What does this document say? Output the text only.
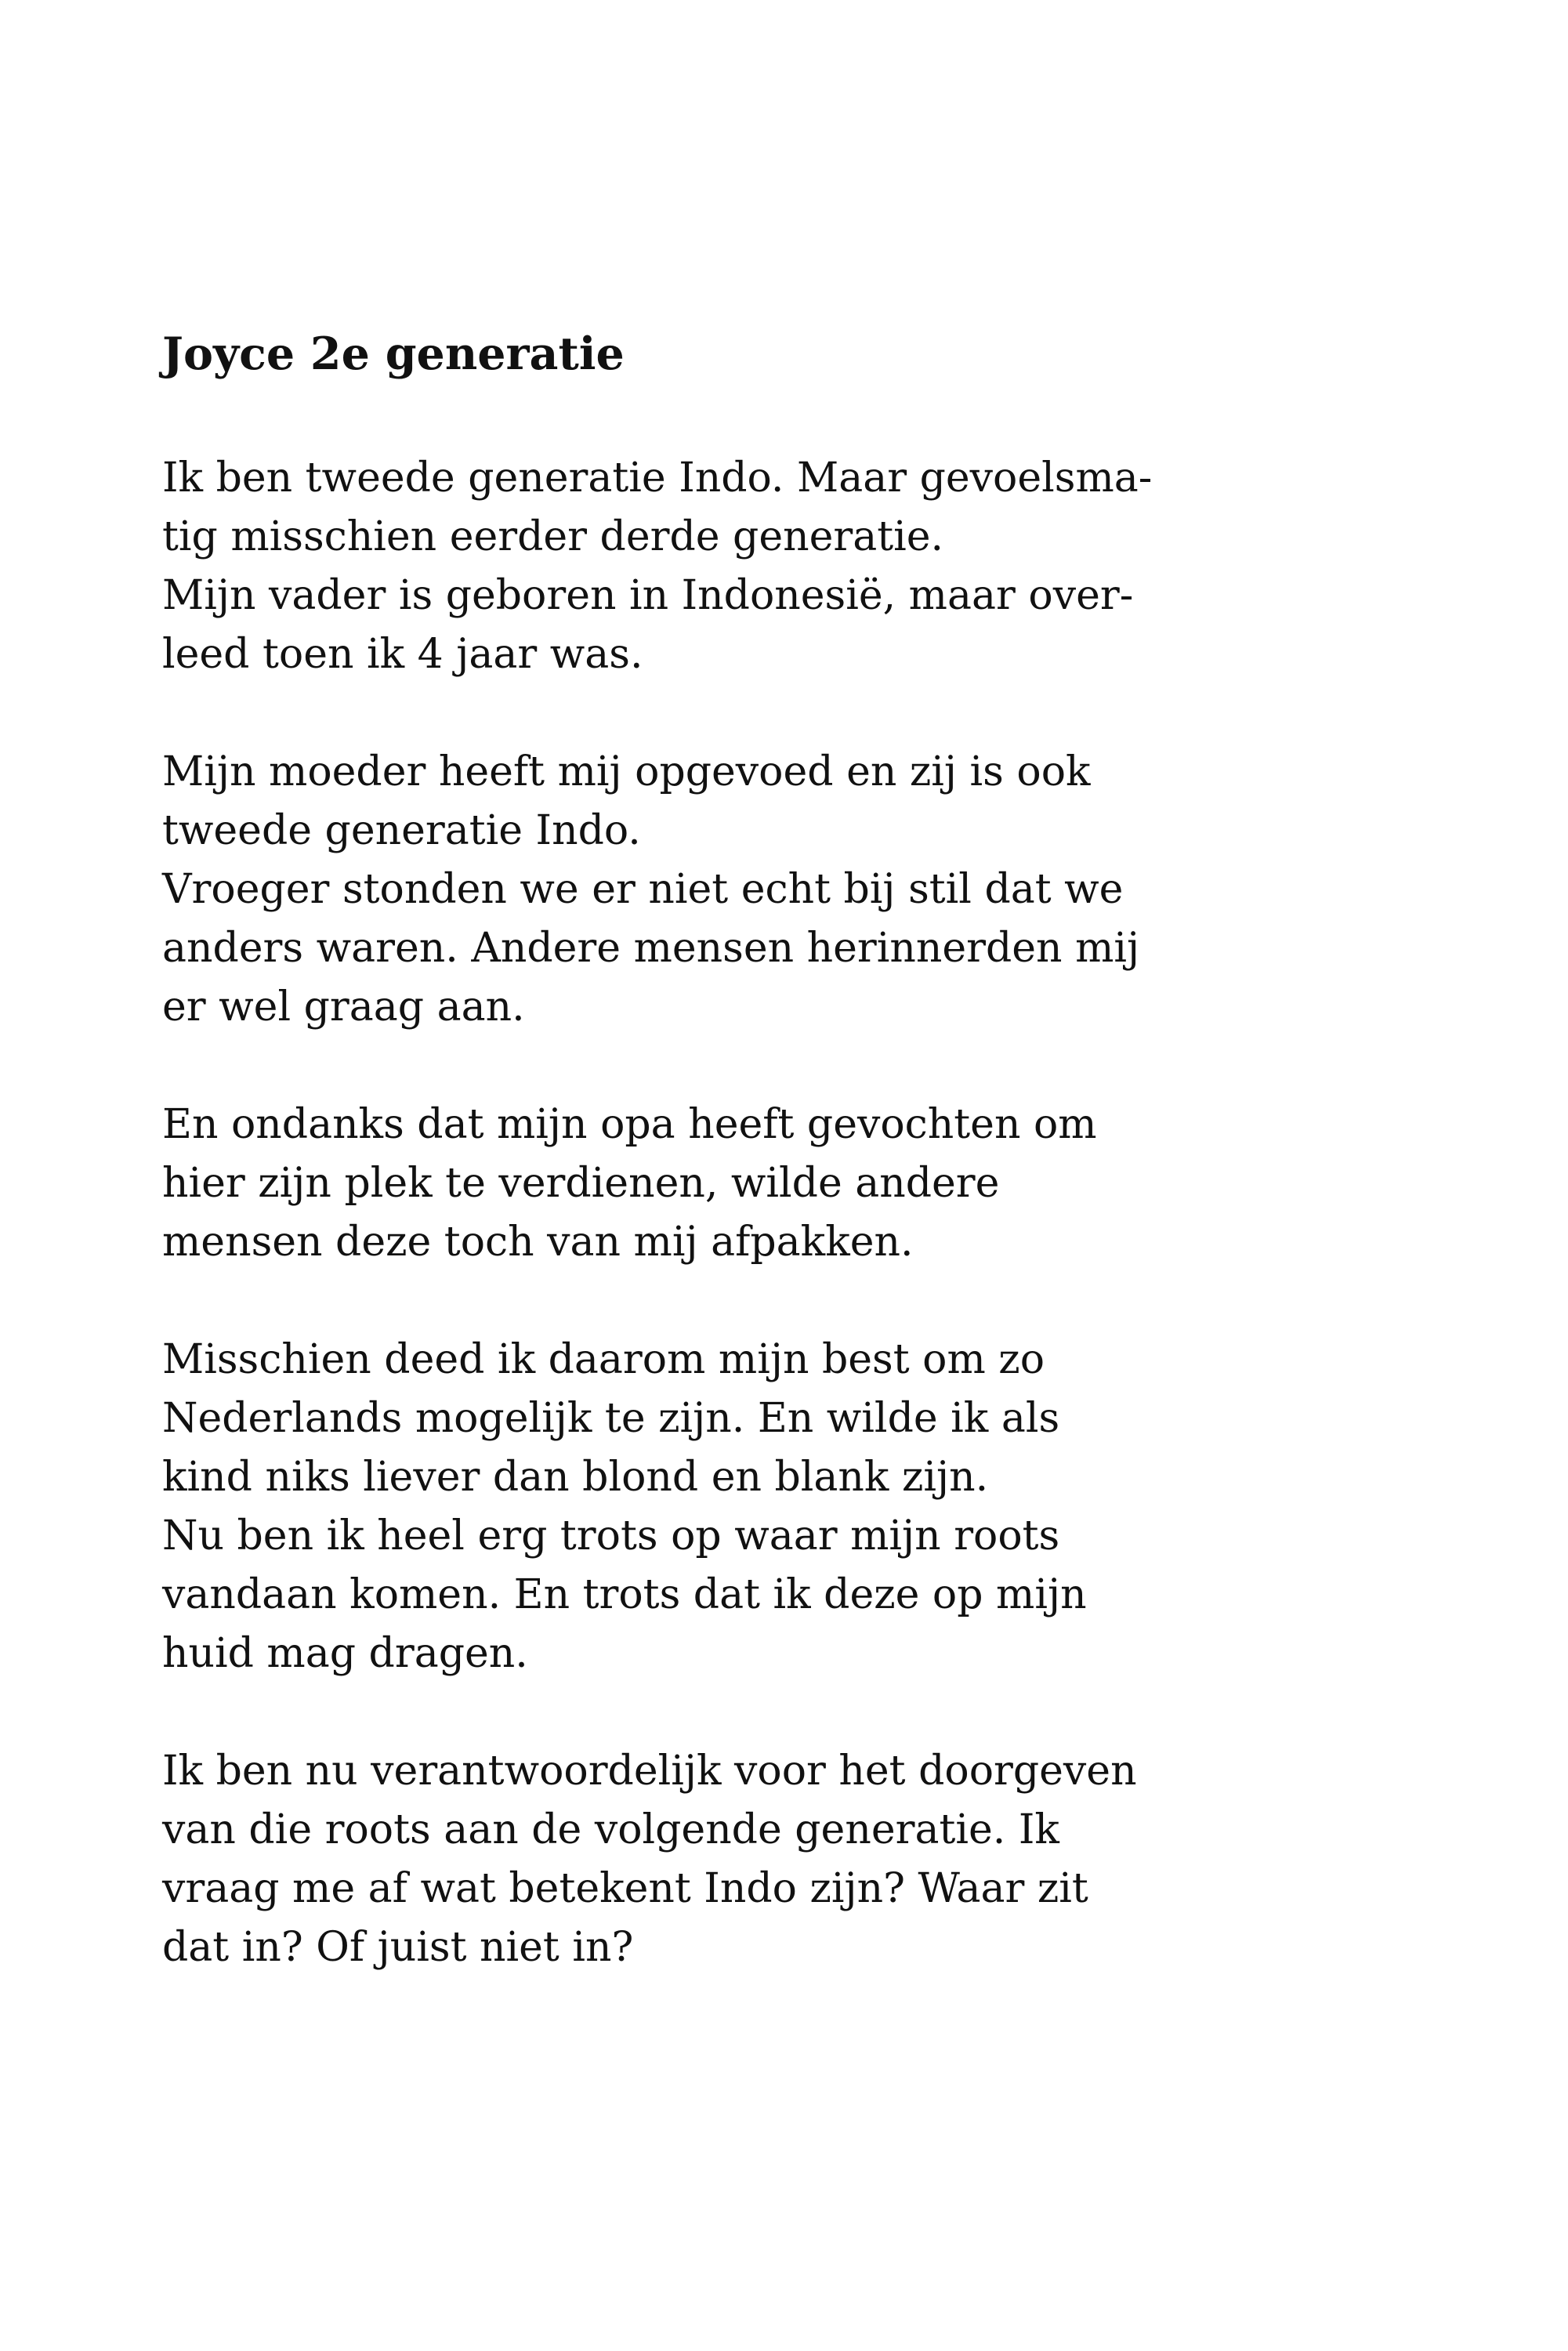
Joyce 2e generatie

Ik ben tweede generatie Indo. Maar gevoelsma-
tig misschien eerder derde generatie.
Mijn vader is geboren in Indonesië, maar over-
leed toen ik 4 jaar was.

Mijn moeder heeft mij opgevoed en zij is ook
tweede generatie Indo.
Vroeger stonden we er niet echt bij stil dat we
anders waren. Andere mensen herinnerden mij
er wel graag aan.

En ondanks dat mijn opa heeft gevochten om
hier zijn plek te verdienen, wilde andere
mensen deze toch van mij afpakken.

Misschien deed ik daarom mijn best om zo
Nederlands mogelijk te zijn. En wilde ik als
kind niks liever dan blond en blank zijn.
Nu ben ik heel erg trots op waar mijn roots
vandaan komen. En trots dat ik deze op mijn
huid mag dragen.

Ik ben nu verantwoordelijk voor het doorgeven
van die roots aan de volgende generatie. Ik
vraag me af wat betekent Indo zijn? Waar zit
dat in? Of juist niet in?
